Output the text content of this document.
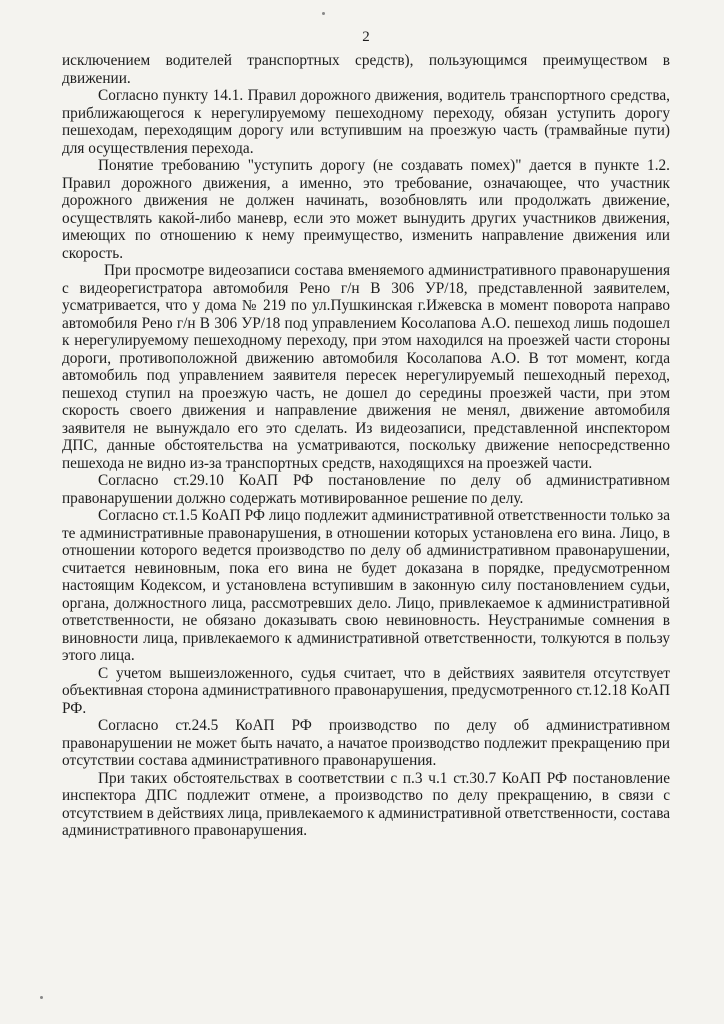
2

исключением водителей транспортных средств), пользующимся преимуществом в движении.

Согласно пункту 14.1. Правил дорожного движения, водитель транспортного средства, приближающегося к нерегулируемому пешеходному переходу, обязан уступить дорогу пешеходам, переходящим дорогу или вступившим на проезжую часть (трамвайные пути) для осуществления перехода.

Понятие требованию "уступить дорогу (не создавать помех)" дается в пункте 1.2. Правил дорожного движения, а именно, это требование, означающее, что участник дорожного движения не должен начинать, возобновлять или продолжать движение, осуществлять какой-либо маневр, если это может вынудить других участников движения, имеющих по отношению к нему преимущество, изменить направление движения или скорость.

При просмотре видеозаписи состава вменяемого административного правонарушения с видеорегистратора автомобиля Рено г/н В 306 УР/18, представленной заявителем, усматривается, что у дома № 219 по ул.Пушкинская г.Ижевска в момент поворота направо автомобиля Рено г/н В 306 УР/18 под управлением Косолапова А.О. пешеход лишь подошел к нерегулируемому пешеходному переходу, при этом находился на проезжей части стороны дороги, противоположной движению автомобиля Косолапова А.О. В тот момент, когда автомобиль под управлением заявителя пересек нерегулируемый пешеходный переход, пешеход ступил на проезжую часть, не дошел до середины проезжей части, при этом скорость своего движения и направление движения не менял, движение автомобиля заявителя не вынуждало его это сделать. Из видеозаписи, представленной инспектором ДПС, данные обстоятельства на усматриваются, поскольку движение непосредственно пешехода не видно из-за транспортных средств, находящихся на проезжей части.

Согласно ст.29.10 КоАП РФ постановление по делу об административном правонарушении должно содержать мотивированное решение по делу.

Согласно ст.1.5 КоАП РФ лицо подлежит административной ответственности только за те административные правонарушения, в отношении которых установлена его вина. Лицо, в отношении которого ведется производство по делу об административном правонарушении, считается невиновным, пока его вина не будет доказана в порядке, предусмотренном настоящим Кодексом, и установлена вступившим в законную силу постановлением судьи, органа, должностного лица, рассмотревших дело. Лицо, привлекаемое к административной ответственности, не обязано доказывать свою невиновность. Неустранимые сомнения в виновности лица, привлекаемого к административной ответственности, толкуются в пользу этого лица.

С учетом вышеизложенного, судья считает, что в действиях заявителя отсутствует объективная сторона административного правонарушения, предусмотренного ст.12.18 КоАП РФ.

Согласно ст.24.5 КоАП РФ производство по делу об административном правонарушении не может быть начато, а начатое производство подлежит прекращению при отсутствии состава административного правонарушения.

При таких обстоятельствах в соответствии с п.3 ч.1 ст.30.7 КоАП РФ постановление инспектора ДПС подлежит отмене, а производство по делу прекращению, в связи с отсутствием в действиях лица, привлекаемого к административной ответственности, состава административного правонарушения.
